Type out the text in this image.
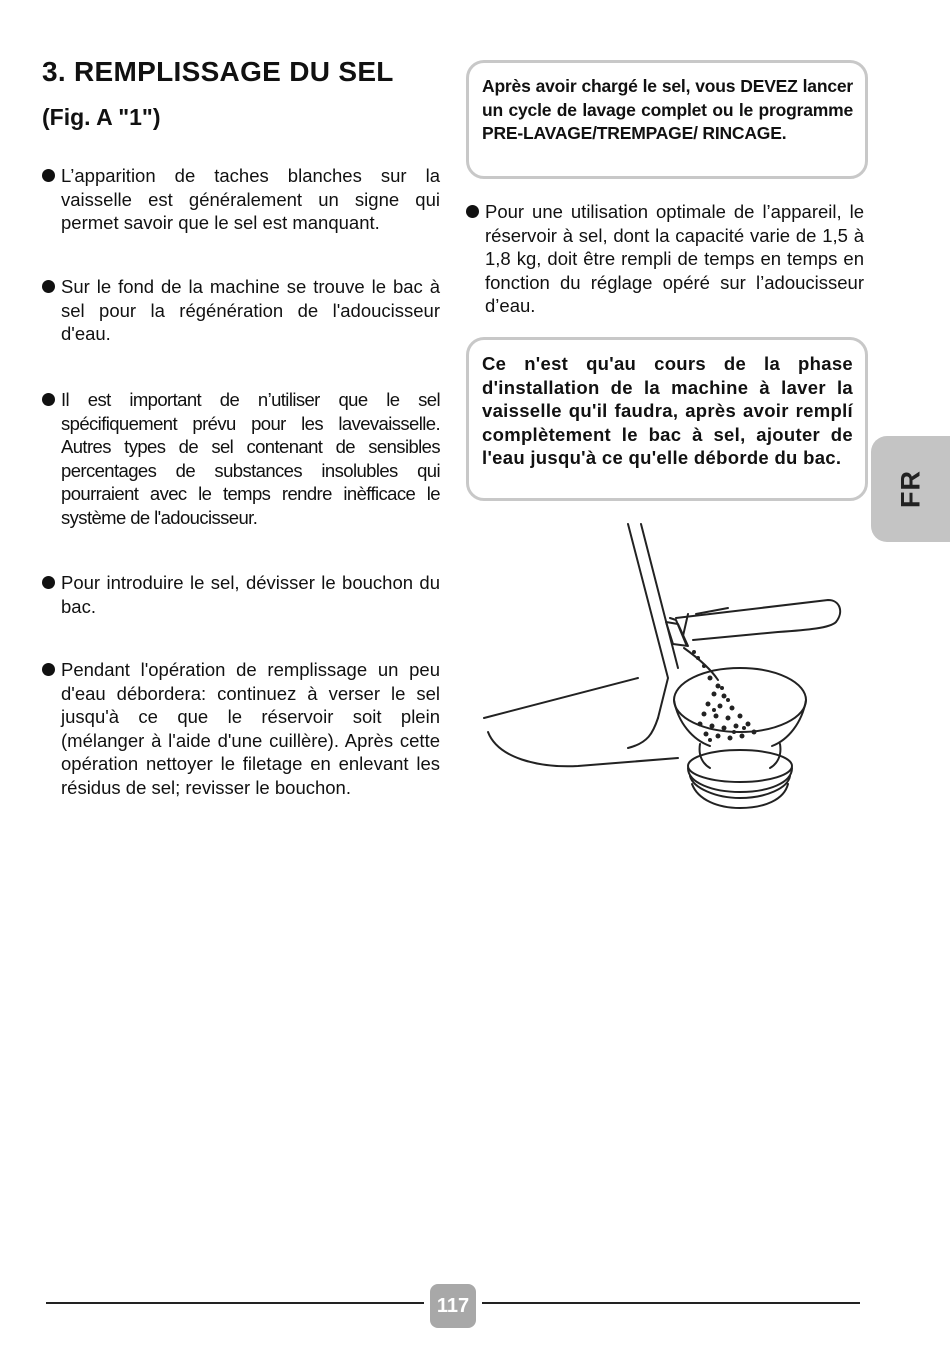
3. REMPLISSAGE DU SEL
(Fig. A "1")
L’apparition de taches blanches sur la vaisselle est généralement un signe qui permet savoir que le sel est manquant.
Sur le fond de la machine se trouve le bac à sel pour la régénération de l'adoucisseur d'eau.
Il est important de n’utiliser que le sel spécifiquement prévu pour les lavevaisselle. Autres types de sel contenant de sensibles percentages de substances insolubles qui pourraient avec le temps rendre inèfficace le système de l'adoucisseur.
Pour introduire le sel, dévisser le bouchon du bac.
Pendant l'opération de remplissage un peu d'eau débordera: continuez à verser le sel jusqu'à ce que le réservoir soit plein (mélanger à l'aide d'une cuillère). Après cette opération nettoyer le filetage en enlevant les résidus de sel; revisser le bouchon.
Après avoir chargé le sel, vous DEVEZ lancer un cycle de lavage complet ou le programme PRE-LAVAGE/TREMPAGE/ RINCAGE.
Pour une utilisation optimale de l’appareil, le réservoir à sel, dont la capacité varie de 1,5 à 1,8 kg, doit être rempli de temps en temps en fonction du réglage opéré sur l’adoucisseur d’eau.
Ce n'est qu'au cours de la phase d'installation de la machine à laver la vaisselle qu'il faudra, après avoir remplí complètement le bac à sel, ajouter de l'eau jusqu'à ce qu'elle déborde du bac.
FR
117
